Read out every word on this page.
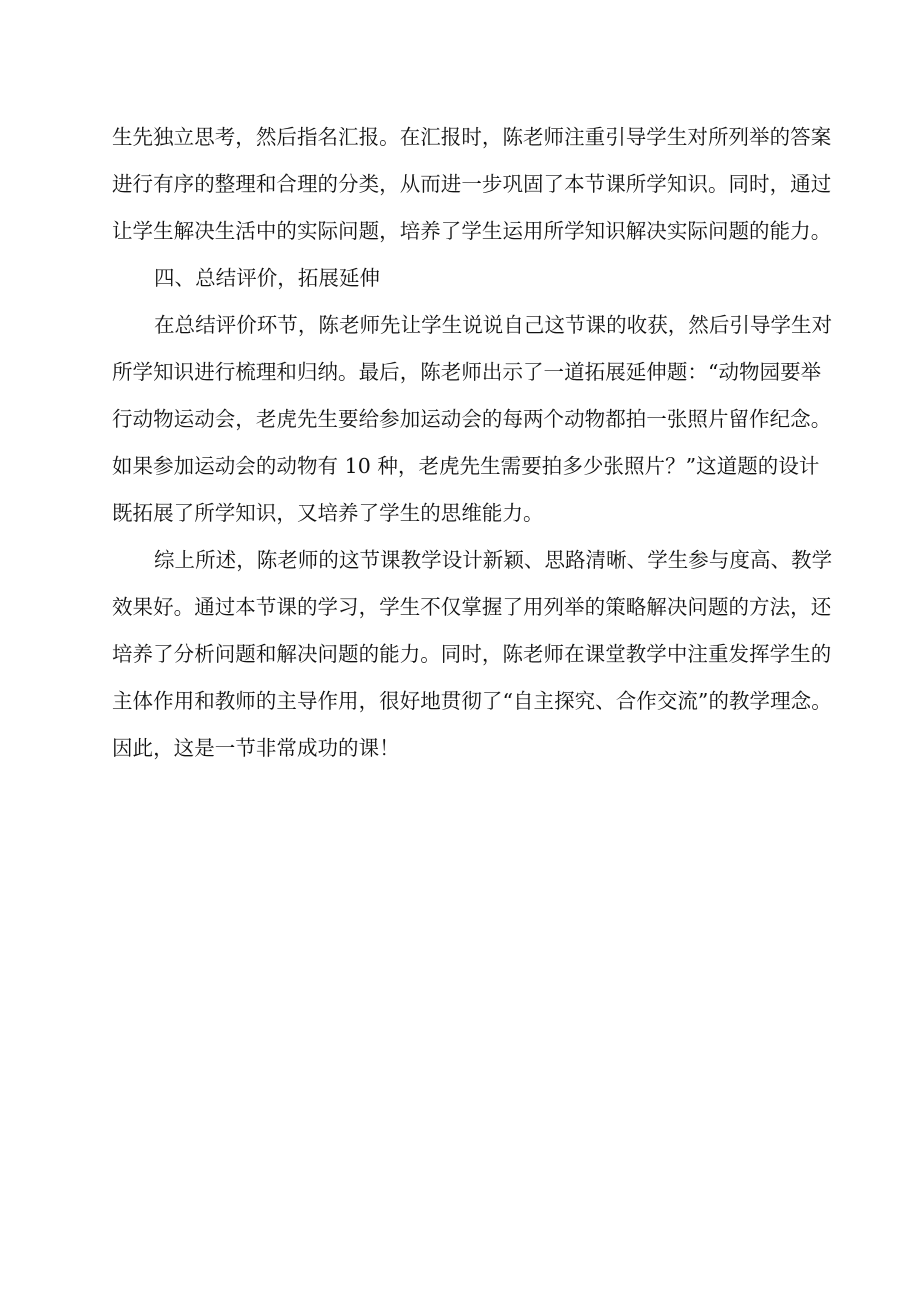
生先独立思考，然后指名汇报。在汇报时，陈老师注重引导学生对所列举的答案
进行有序的整理和合理的分类，从而进一步巩固了本节课所学知识。同时，通过
让学生解决生活中的实际问题，培养了学生运用所学知识解决实际问题的能力。
四、总结评价，拓展延伸
在总结评价环节，陈老师先让学生说说自己这节课的收获，然后引导学生对
所学知识进行梳理和归纳。最后，陈老师出示了一道拓展延伸题：“动物园要举
行动物运动会，老虎先生要给参加运动会的每两个动物都拍一张照片留作纪念。
如果参加运动会的动物有 10 种，老虎先生需要拍多少张照片？”这道题的设计
既拓展了所学知识，又培养了学生的思维能力。
综上所述，陈老师的这节课教学设计新颖、思路清晰、学生参与度高、教学
效果好。通过本节课的学习，学生不仅掌握了用列举的策略解决问题的方法，还
培养了分析问题和解决问题的能力。同时，陈老师在课堂教学中注重发挥学生的
主体作用和教师的主导作用，很好地贯彻了“自主探究、合作交流”的教学理念。
因此，这是一节非常成功的课！
